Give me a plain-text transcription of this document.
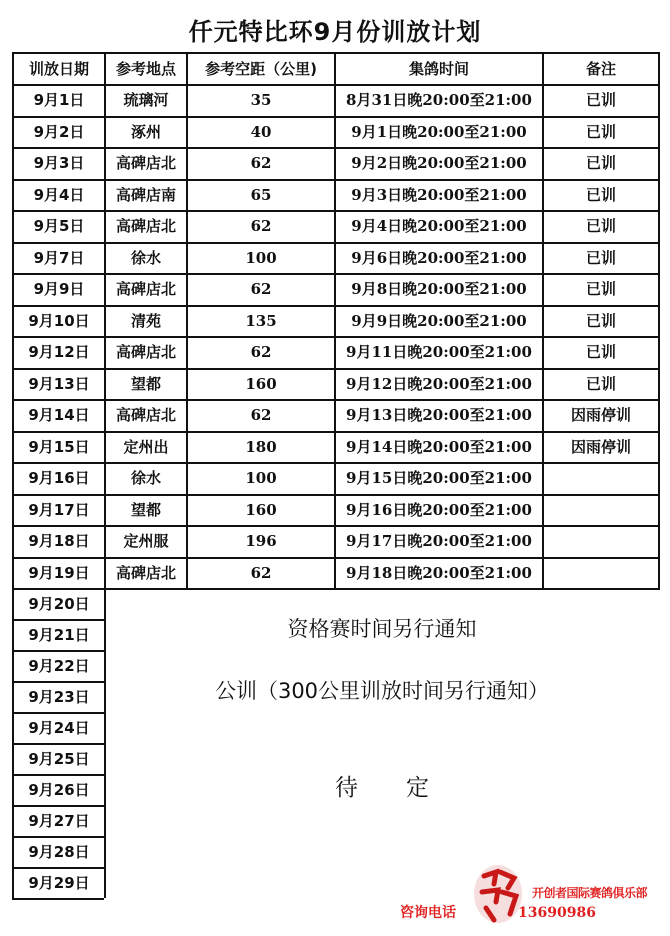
仟元特比环9月份训放计划
训放日期	参考地点	参考空距（公里)	集鸽时间	备注
9月1日	琉璃河	35	8月31日晚20:00至21:00	已训
9月2日	涿州	40	9月1日晚20:00至21:00	已训
9月3日	高碑店北	62	9月2日晚20:00至21:00	已训
9月4日	高碑店南	65	9月3日晚20:00至21:00	已训
9月5日	高碑店北	62	9月4日晚20:00至21:00	已训
9月7日	徐水	100	9月6日晚20:00至21:00	已训
9月9日	高碑店北	62	9月8日晚20:00至21:00	已训
9月10日	清苑	135	9月9日晚20:00至21:00	已训
9月12日	高碑店北	62	9月11日晚20:00至21:00	已训
9月13日	望都	160	9月12日晚20:00至21:00	已训
9月14日	高碑店北	62	9月13日晚20:00至21:00	因雨停训
9月15日	定州出	180	9月14日晚20:00至21:00	因雨停训
9月16日	徐水	100	9月15日晚20:00至21:00	
9月17日	望都	160	9月16日晚20:00至21:00	
9月18日	定州服	196	9月17日晚20:00至21:00	
9月19日	高碑店北	62	9月18日晚20:00至21:00	
9月20日	资格赛时间另行通知
公训（300公里训放时间另行通知）
待定			

9月21日				
9月22日				
9月23日				
9月24日				
9月25日				
9月26日				
9月27日				
9月28日				
9月29日				
开创者国际赛鸽俱乐部
咨询电话	13690986
